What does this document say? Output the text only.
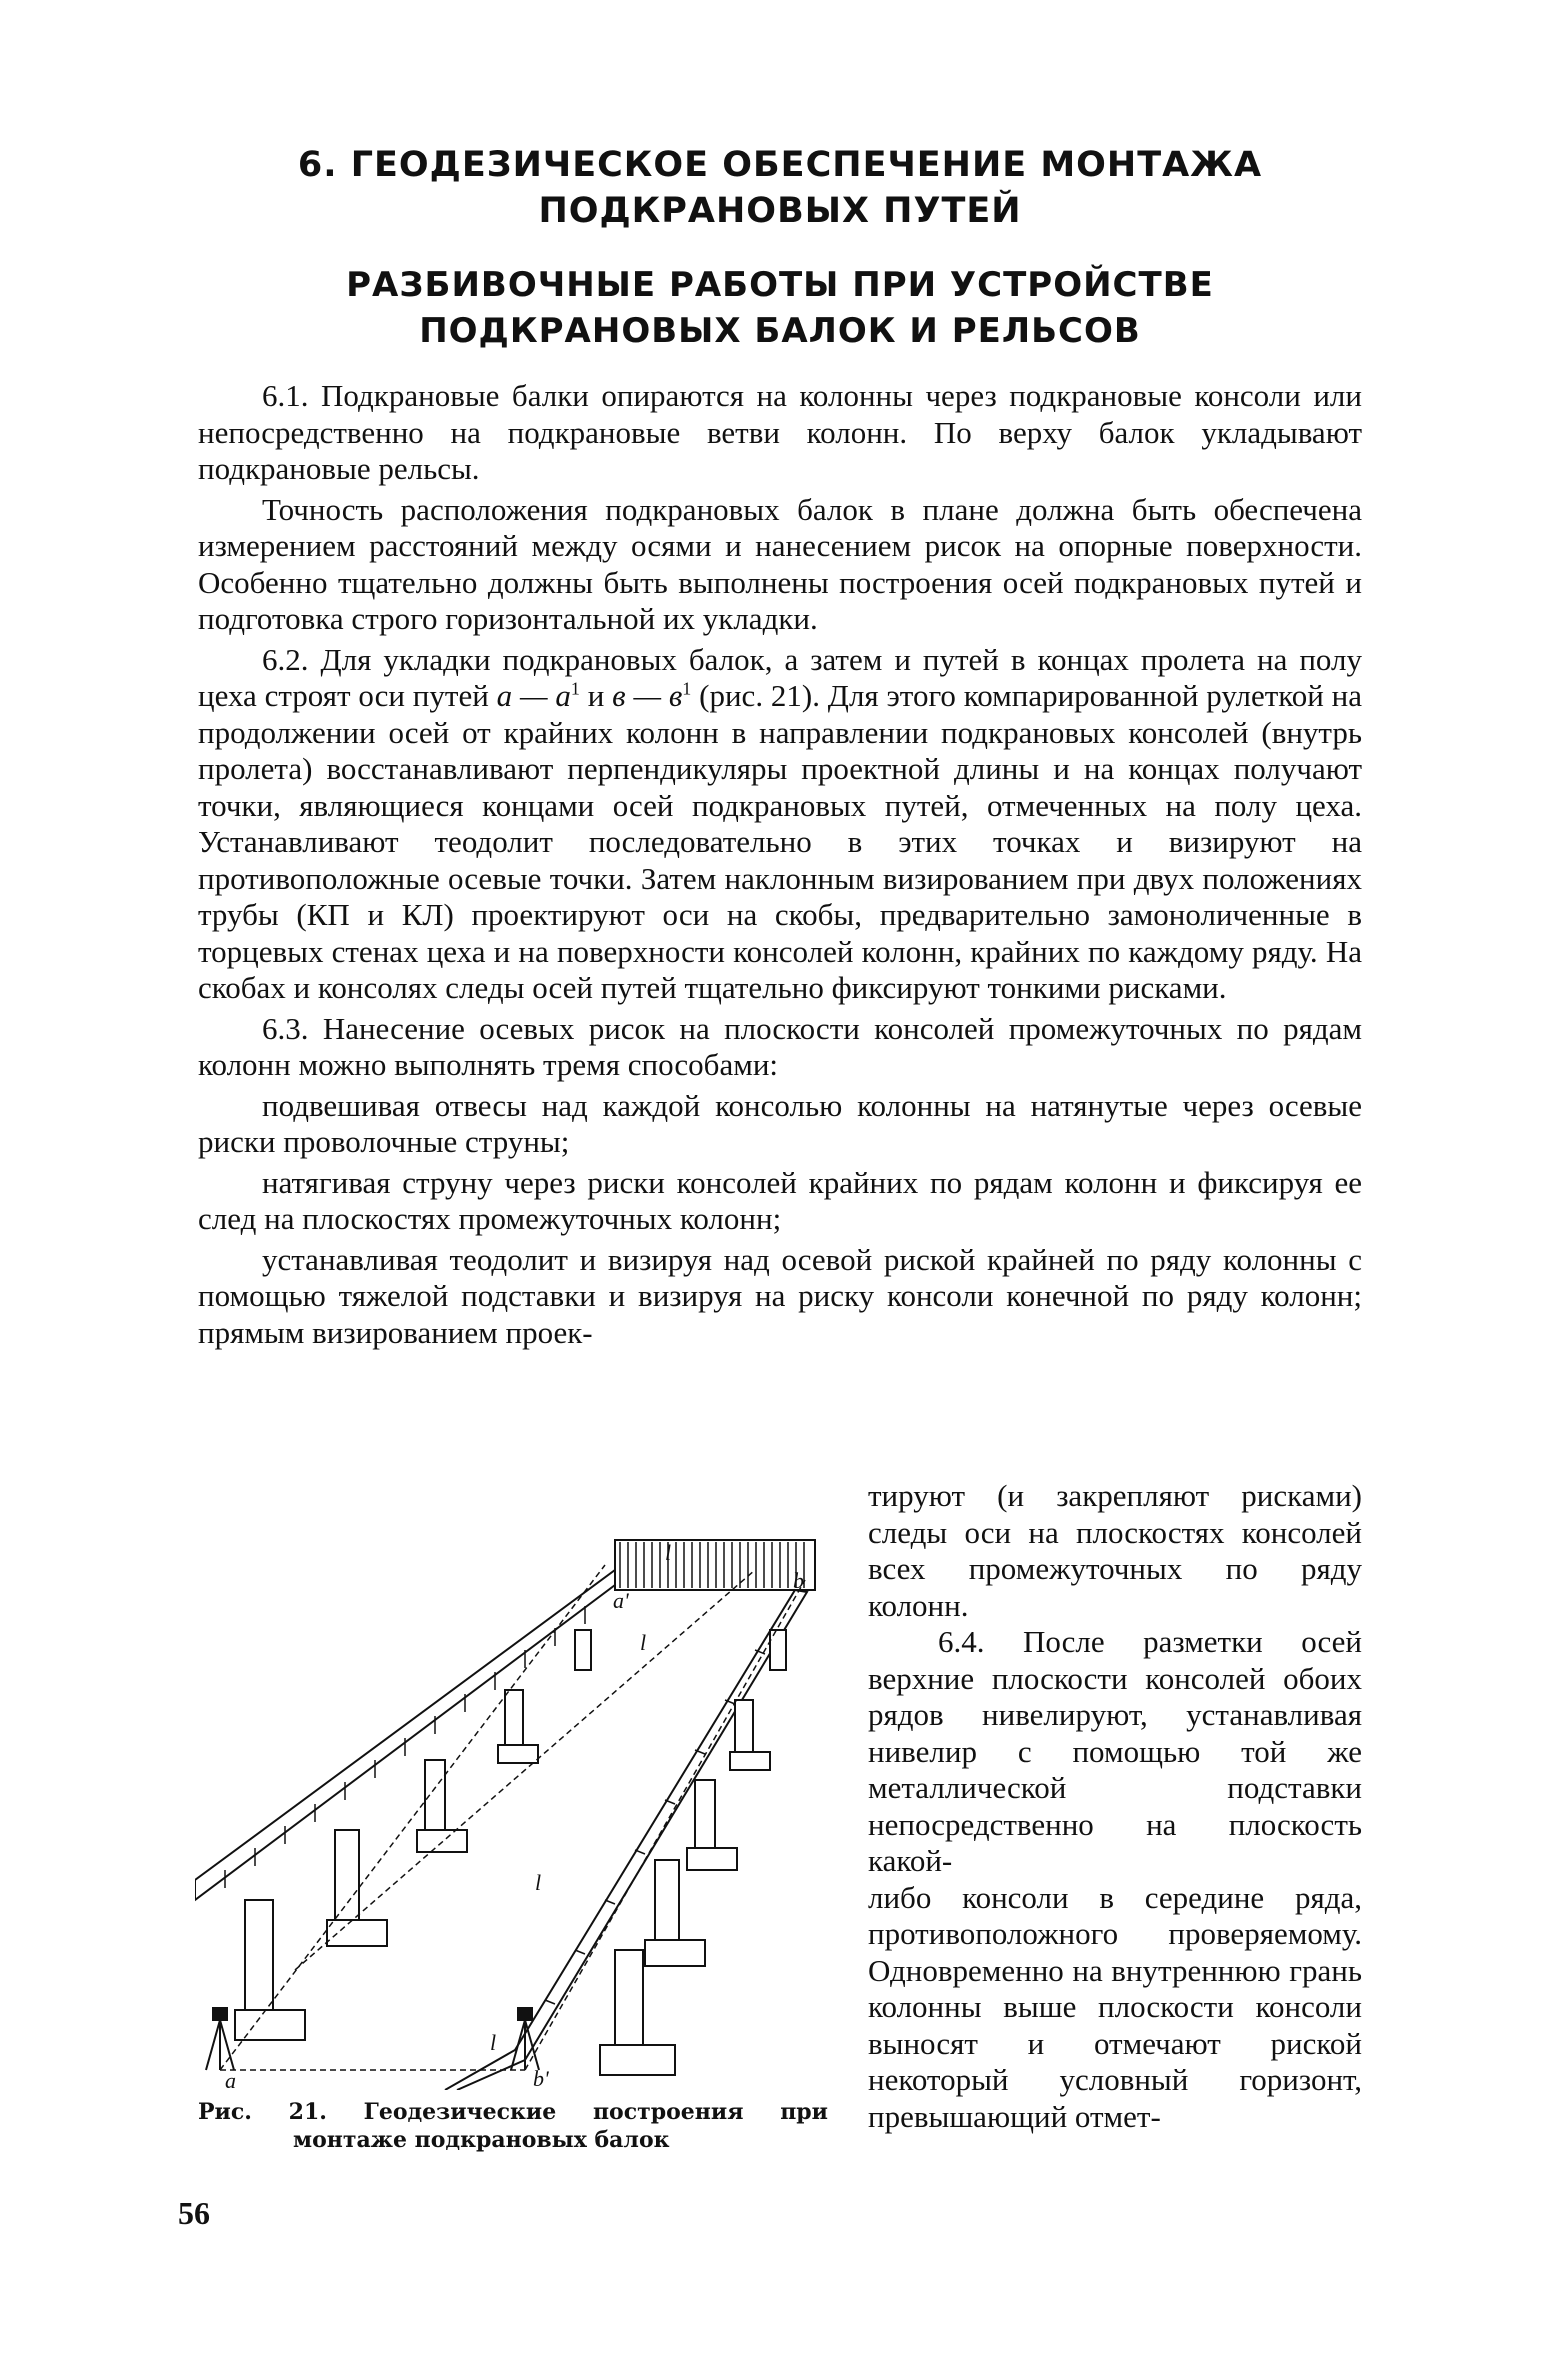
6. ГЕОДЕЗИЧЕСКОЕ ОБЕСПЕЧЕНИЕ МОНТАЖА
ПОДКРАНОВЫХ ПУТЕЙ
РАЗБИВОЧНЫЕ РАБОТЫ ПРИ УСТРОЙСТВЕ
ПОДКРАНОВЫХ БАЛОК И РЕЛЬСОВ

6.1. Подкрановые балки опираются на колонны через подкрановые консоли или непосредственно на подкрановые ветви колонн. По верху балок укладывают подкрановые рельсы.

Точность расположения подкрановых балок в плане должна быть обеспечена измерением расстояний между осями и нанесением рисок на опорные поверхности. Особенно тщательно должны быть выполнены построения осей подкрановых путей и подготовка строго горизонтальной их укладки.

6.2. Для укладки подкрановых балок, а затем и путей в концах пролета на полу цеха строят оси путей а — $а^1$ и в — $в^1$ (рис. 21). Для этого компарированной рулеткой на продолжении осей от крайних колонн в направлении подкрановых консолей (внутрь пролета) восстанавливают перпендикуляры проектной длины и на концах получают точки, являющиеся концами осей подкрановых путей, отмеченных на полу цеха. Устанавливают теодолит последовательно в этих точках и визируют на противоположные осевые точки. Затем наклонным визированием при двух положениях трубы (КП и КЛ) проектируют оси на скобы, предварительно замоноличенные в торцевых стенах цеха и на поверхности консолей колонн, крайних по каждому ряду. На скобах и консолях следы осей путей тщательно фиксируют тонкими рисками.

6.3. Нанесение осевых рисок на плоскости консолей промежуточных по рядам колонн можно выполнять тремя способами:

подвешивая отвесы над каждой консолью колонны на натянутые через осевые риски проволочные струны;

натягивая струну через риски консолей крайних по рядам колонн и фиксируя ее след на плоскостях промежуточных колонн;

устанавливая теодолит и визируя над осевой риской крайней по ряду колонны с помощью тяжелой подставки и визируя на риску консоли конечной по ряду колонн; прямым визированием проек-

тируют (и закрепляют рисками) следы оси на плоскостях консолей всех промежуточных по ряду колонн.

6.4. После разметки осей верхние плоскости консолей обоих рядов нивелируют, устанавливая нивелир с помощью той же металлической подставки непосредственно на плоскость какой-

либо консоли в середине ряда, противоположного проверяемому. Одновременно на внутреннюю грань колонны выше плоскости консоли выносят и отмечают риской некоторый условный горизонт, превышающий отмет-

l
l
l
l
a
a'
b'
b
Рис. 21. Геодезические построения при
монтаже подкрановых балок
56
